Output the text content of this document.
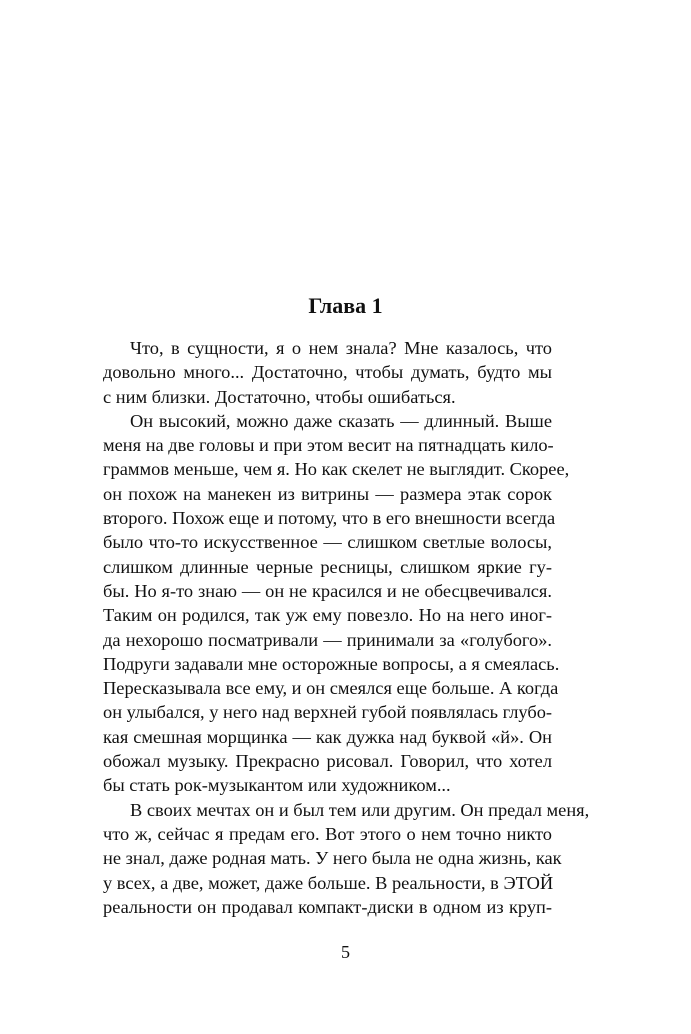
Глава 1
Что, в сущности, я о нем знала? Мне казалось, что
довольно много... Достаточно, чтобы думать, будто мы
с ним близки. Достаточно, чтобы ошибаться.
Он высокий, можно даже сказать — длинный. Выше
меня на две головы и при этом весит на пятнадцать кило-
граммов меньше, чем я. Но как скелет не выглядит. Скорее,
он похож на манекен из витрины — размера этак сорок
второго. Похож еще и потому, что в его внешности всегда
было что-то искусственное — слишком светлые волосы,
слишком длинные черные ресницы, слишком яркие гу-
бы. Но я-то знаю — он не красился и не обесцвечивался.
Таким он родился, так уж ему повезло. Но на него иног-
да нехорошо посматривали — принимали за «голубого».
Подруги задавали мне осторожные вопросы, а я смеялась.
Пересказывала все ему, и он смеялся еще больше. А когда
он улыбался, у него над верхней губой появлялась глубо-
кая смешная морщинка — как дужка над буквой «й». Он
обожал музыку. Прекрасно рисовал. Говорил, что хотел
бы стать рок-музыкантом или художником...
В своих мечтах он и был тем или другим. Он предал меня,
что ж, сейчас я предам его. Вот этого о нем точно никто
не знал, даже родная мать. У него была не одна жизнь, как
у всех, а две, может, даже больше. В реальности, в ЭТОЙ
реальности он продавал компакт-диски в одном из круп-
5
